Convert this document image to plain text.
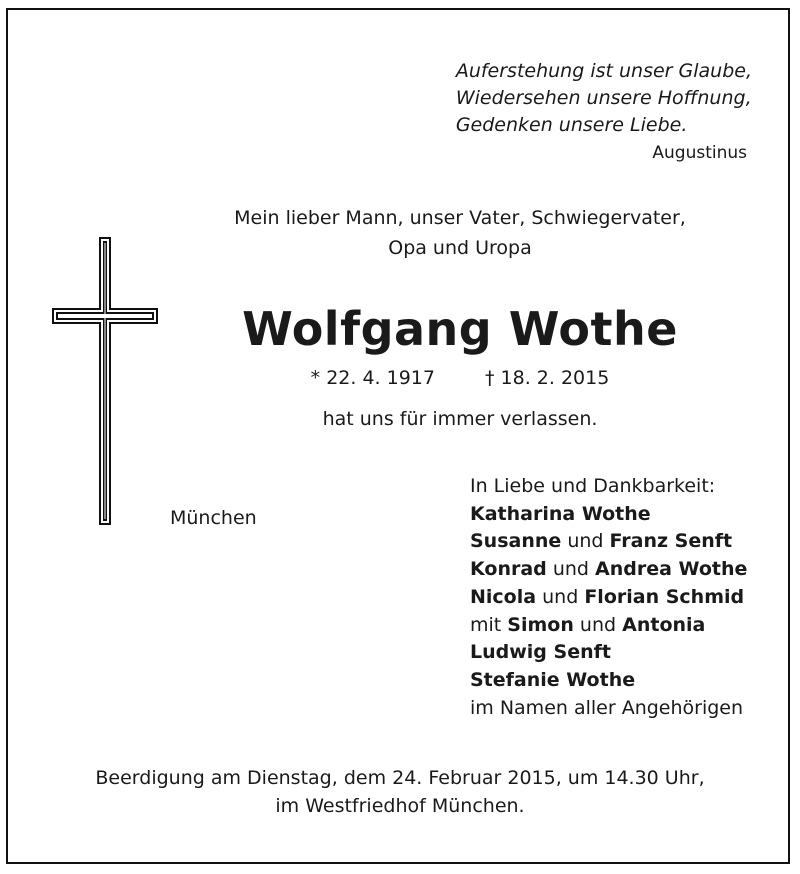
Auferstehung ist unser Glaube,
Wiedersehen unsere Hoffnung,
Gedenken unsere Liebe.
Augustinus
Mein lieber Mann, unser Vater, Schwiegervater,
Opa und Uropa
Wolfgang Wothe
* 22. 4. 1917	† 18. 2. 2015
hat uns für immer verlassen.
München
In Liebe und Dankbarkeit:
Katharina Wothe
Susanne und Franz Senft
Konrad und Andrea Wothe
Nicola und Florian Schmid
mit Simon und Antonia
Ludwig Senft
Stefanie Wothe
im Namen aller Angehörigen
Beerdigung am Dienstag, dem 24. Februar 2015, um 14.30 Uhr,
im Westfriedhof München.
